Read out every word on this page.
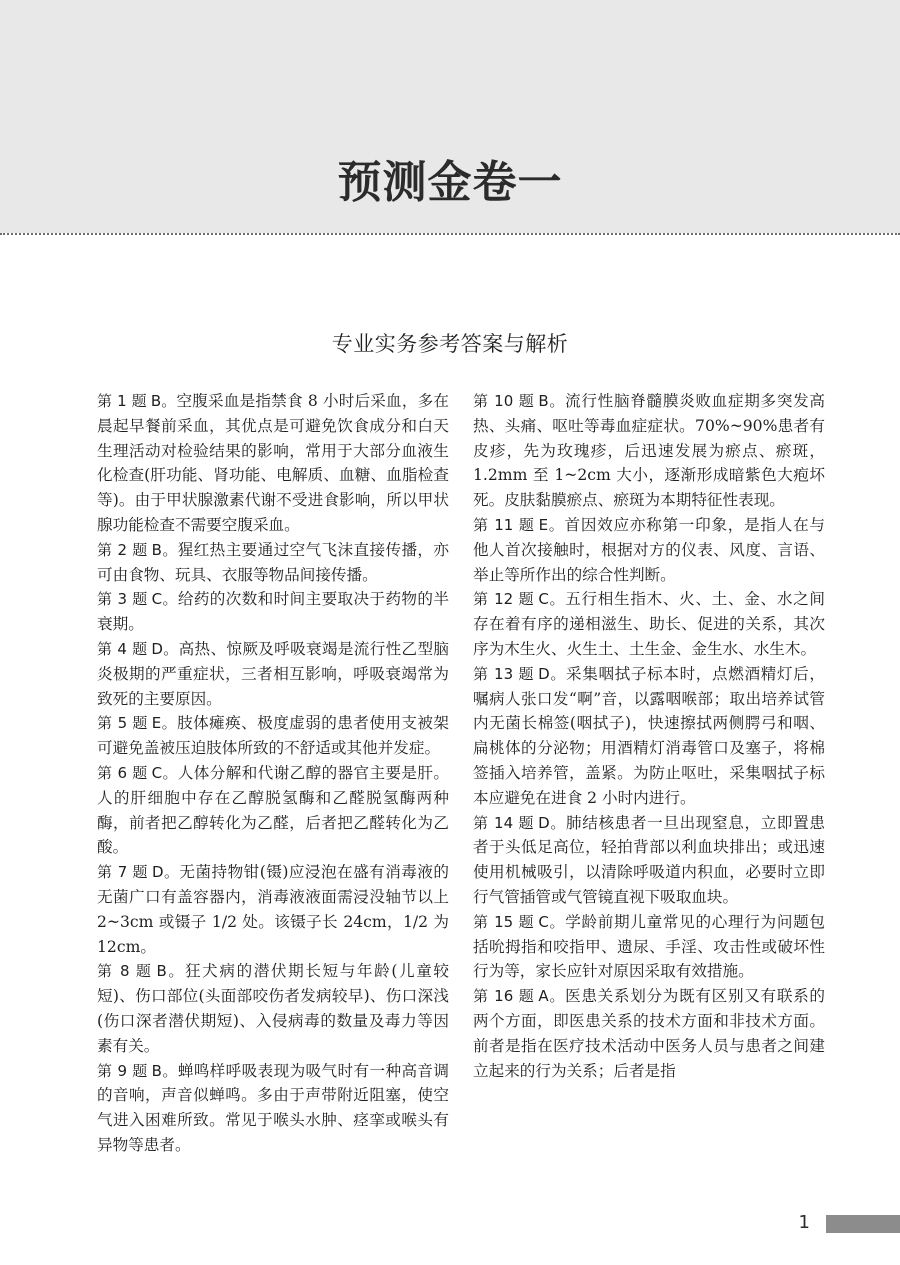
预测金卷一
专业实务参考答案与解析

第 1 题 B。空腹采血是指禁食 8 小时后采血，多在晨起早餐前采血，其优点是可避免饮食成分和白天生理活动对检验结果的影响，常用于大部分血液生化检查(肝功能、肾功能、电解质、血糖、血脂检查等)。由于甲状腺激素代谢不受进食影响，所以甲状腺功能检查不需要空腹采血。

第 2 题 B。猩红热主要通过空气飞沫直接传播，亦可由食物、玩具、衣服等物品间接传播。

第 3 题 C。给药的次数和时间主要取决于药物的半衰期。

第 4 题 D。高热、惊厥及呼吸衰竭是流行性乙型脑炎极期的严重症状，三者相互影响，呼吸衰竭常为致死的主要原因。

第 5 题 E。肢体瘫痪、极度虚弱的患者使用支被架可避免盖被压迫肢体所致的不舒适或其他并发症。

第 6 题 C。人体分解和代谢乙醇的器官主要是肝。人的肝细胞中存在乙醇脱氢酶和乙醛脱氢酶两种酶，前者把乙醇转化为乙醛，后者把乙醛转化为乙酸。

第 7 题 D。无菌持物钳(镊)应浸泡在盛有消毒液的无菌广口有盖容器内，消毒液液面需浸没轴节以上 2~3cm 或镊子 1/2 处。该镊子长 24cm，1/2 为 12cm。

第 8 题 B。狂犬病的潜伏期长短与年龄(儿童较短)、伤口部位(头面部咬伤者发病较早)、伤口深浅(伤口深者潜伏期短)、入侵病毒的数量及毒力等因素有关。

第 9 题 B。蝉鸣样呼吸表现为吸气时有一种高音调的音响，声音似蝉鸣。多由于声带附近阻塞，使空气进入困难所致。常见于喉头水肿、痉挛或喉头有异物等患者。

第 10 题 B。流行性脑脊髓膜炎败血症期多突发高热、头痛、呕吐等毒血症症状。70%~90%患者有皮疹，先为玫瑰疹，后迅速发展为瘀点、瘀斑，1.2mm 至 1~2cm 大小，逐渐形成暗紫色大疱坏死。皮肤黏膜瘀点、瘀斑为本期特征性表现。

第 11 题 E。首因效应亦称第一印象，是指人在与他人首次接触时，根据对方的仪表、风度、言语、举止等所作出的综合性判断。

第 12 题 C。五行相生指木、火、土、金、水之间存在着有序的递相滋生、助长、促进的关系，其次序为木生火、火生土、土生金、金生水、水生木。

第 13 题 D。采集咽拭子标本时，点燃酒精灯后，嘱病人张口发“啊”音，以露咽喉部；取出培养试管内无菌长棉签(咽拭子)，快速擦拭两侧腭弓和咽、扁桃体的分泌物；用酒精灯消毒管口及塞子，将棉签插入培养管，盖紧。为防止呕吐，采集咽拭子标本应避免在进食 2 小时内进行。

第 14 题 D。肺结核患者一旦出现窒息，立即置患者于头低足高位，轻拍背部以利血块排出；或迅速使用机械吸引，以清除呼吸道内积血，必要时立即行气管插管或气管镜直视下吸取血块。

第 15 题 C。学龄前期儿童常见的心理行为问题包括吮拇指和咬指甲、遗尿、手淫、攻击性或破坏性行为等，家长应针对原因采取有效措施。

第 16 题 A。医患关系划分为既有区别又有联系的两个方面，即医患关系的技术方面和非技术方面。前者是指在医疗技术活动中医务人员与患者之间建立起来的行为关系；后者是指

1
